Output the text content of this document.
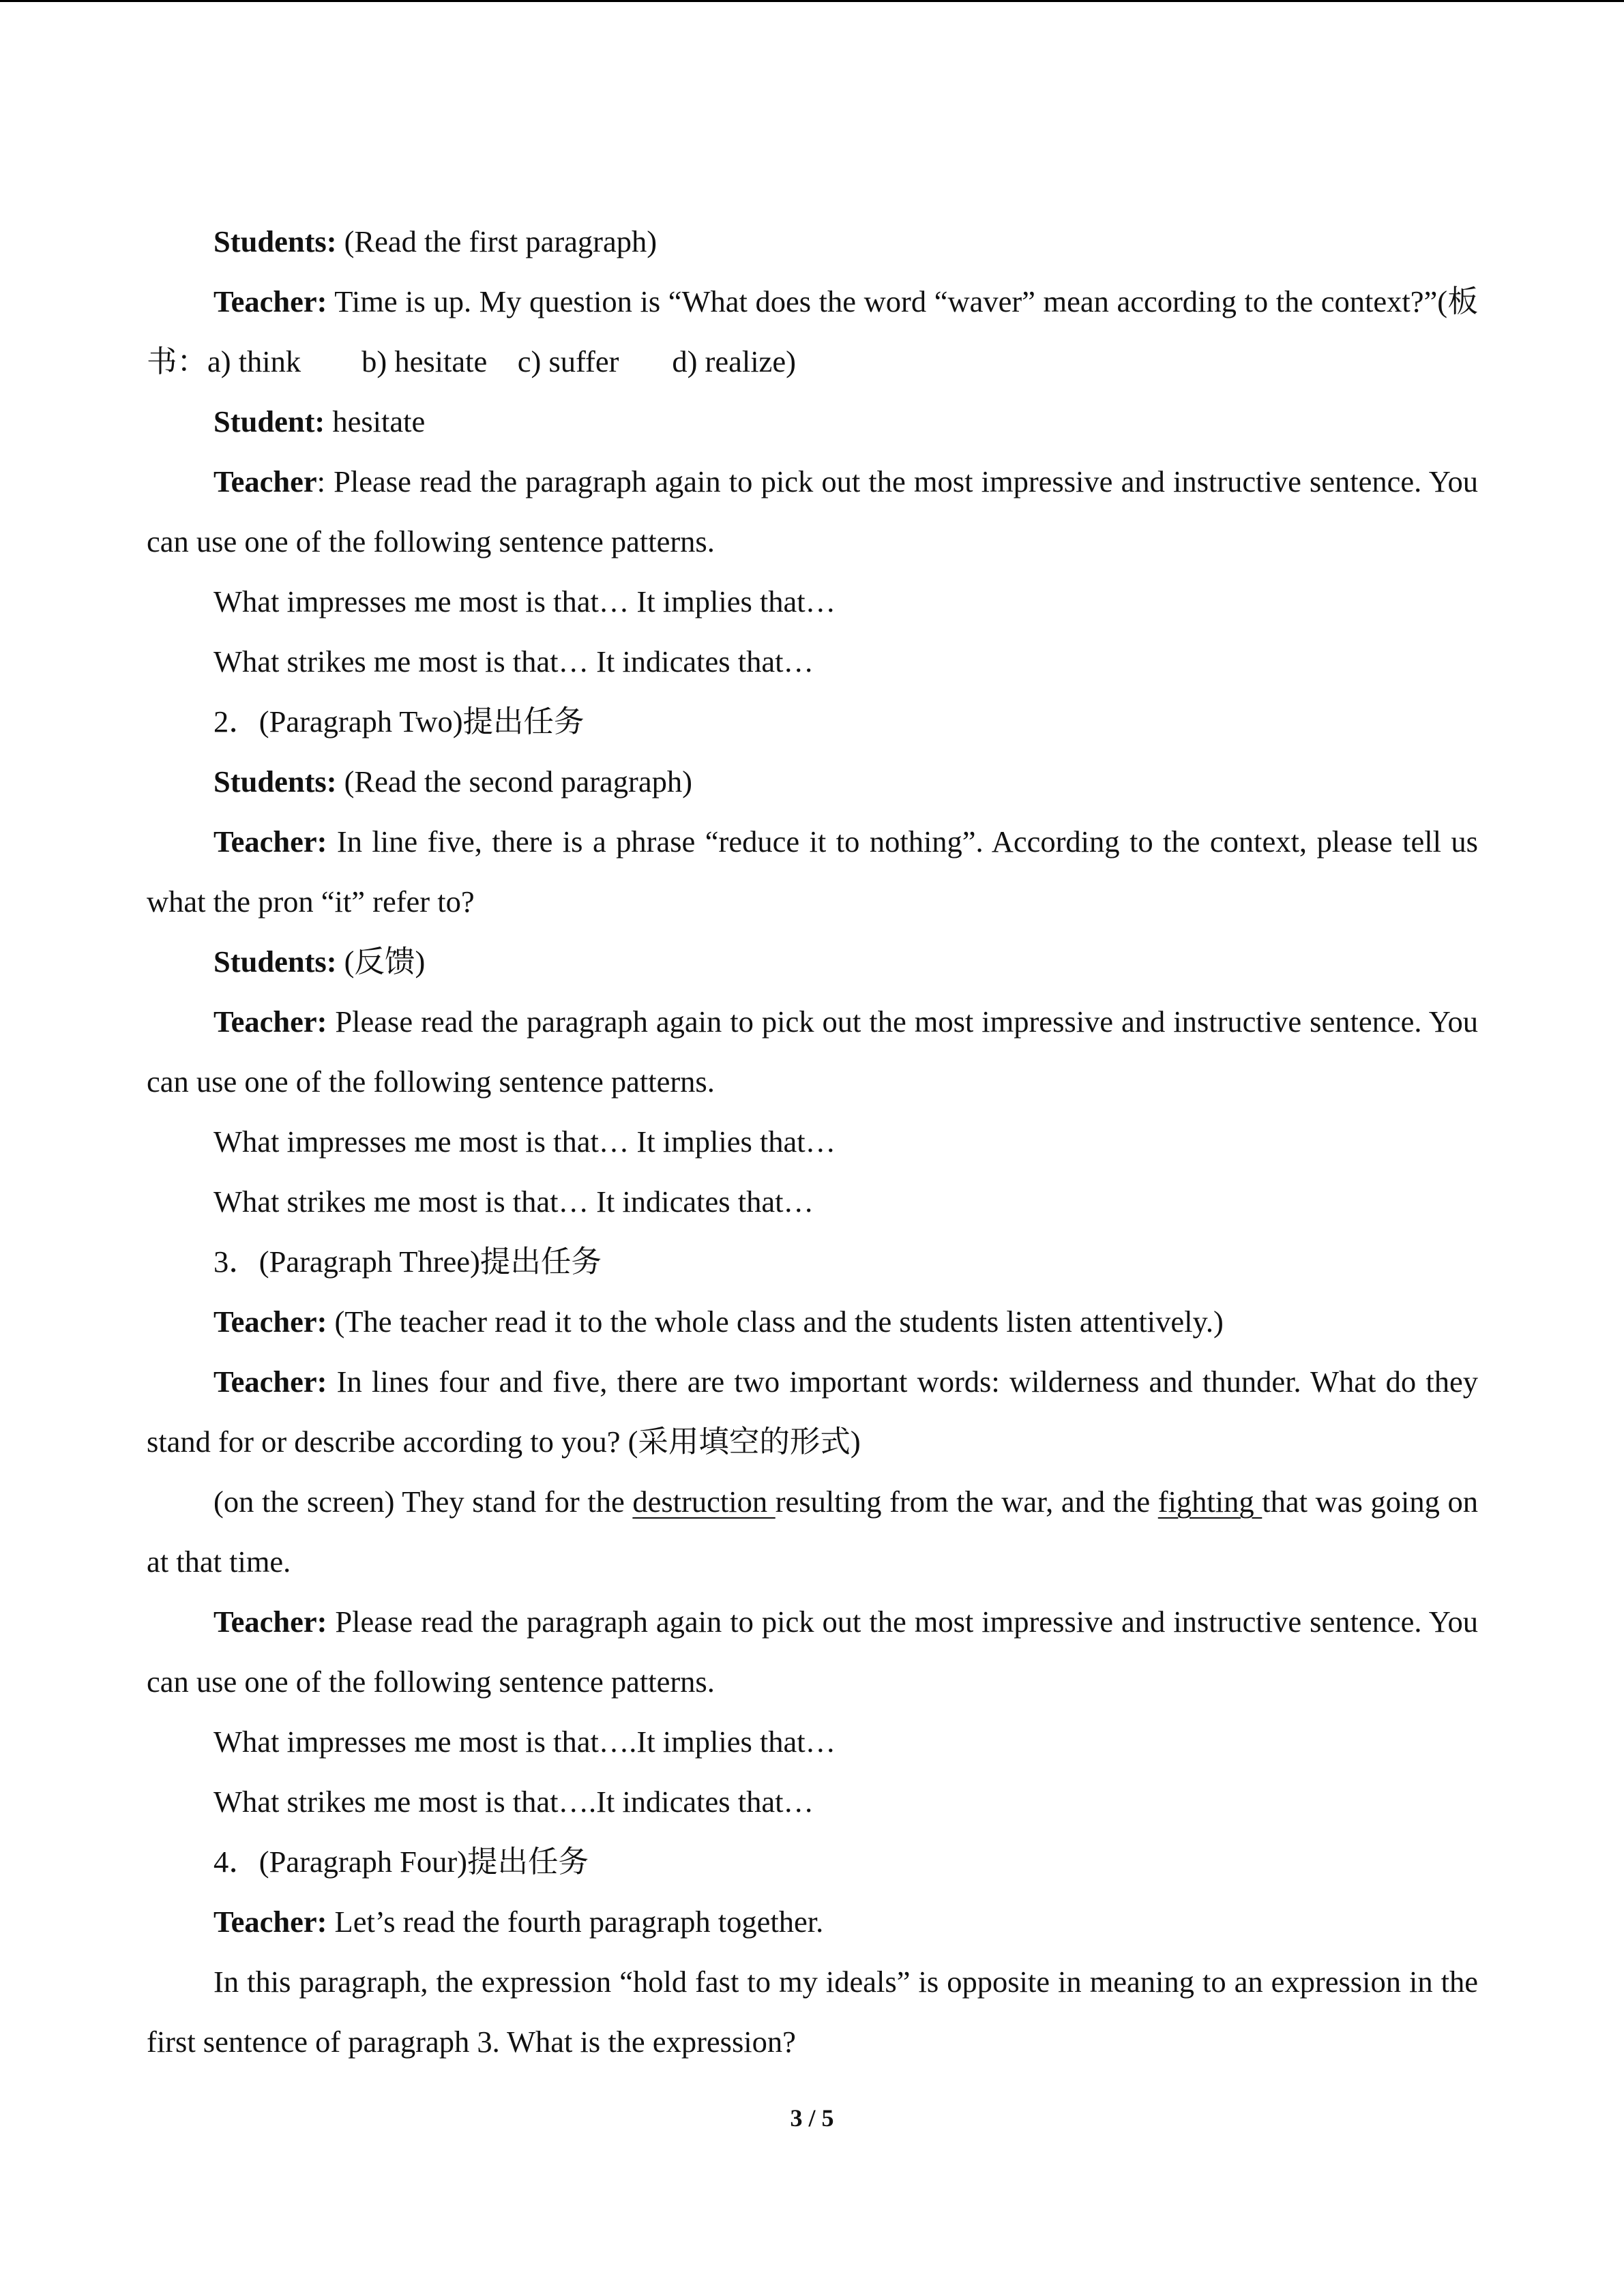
Students: (Read the first paragraph)

Teacher: Time is up. My question is “What does the word “waver” mean according to the context?”(板书：a) think        b) hesitate    c) suffer       d) realize)

Student: hesitate

Teacher: Please read the paragraph again to pick out the most impressive and instructive sentence. You can use one of the following sentence patterns.

What impresses me most is that… It implies that…

What strikes me most is that… It indicates that…

2．(Paragraph Two)提出任务

Students: (Read the second paragraph)

Teacher: In line five, there is a phrase “reduce it to nothing”. According to the context, please tell us what the pron “it” refer to?

Students: (反馈)

Teacher: Please read the paragraph again to pick out the most impressive and instructive sentence. You can use one of the following sentence patterns.

What impresses me most is that… It implies that…

What strikes me most is that… It indicates that…

3．(Paragraph Three)提出任务

Teacher: (The teacher read it to the whole class and the students listen attentively.)

Teacher: In lines four and five, there are two important words: wilderness and thunder. What do they stand for or describe according to you? (采用填空的形式)

(on the screen) They stand for the destruction resulting from the war, and the fighting that was going on at that time.

Teacher: Please read the paragraph again to pick out the most impressive and instructive sentence. You can use one of the following sentence patterns.

What impresses me most is that….It implies that…

What strikes me most is that….It indicates that…

4．(Paragraph Four)提出任务

Teacher: Let’s read the fourth paragraph together.

In this paragraph, the expression “hold fast to my ideals” is opposite in meaning to an expression in the first sentence of paragraph 3. What is the expression?

3 / 5
